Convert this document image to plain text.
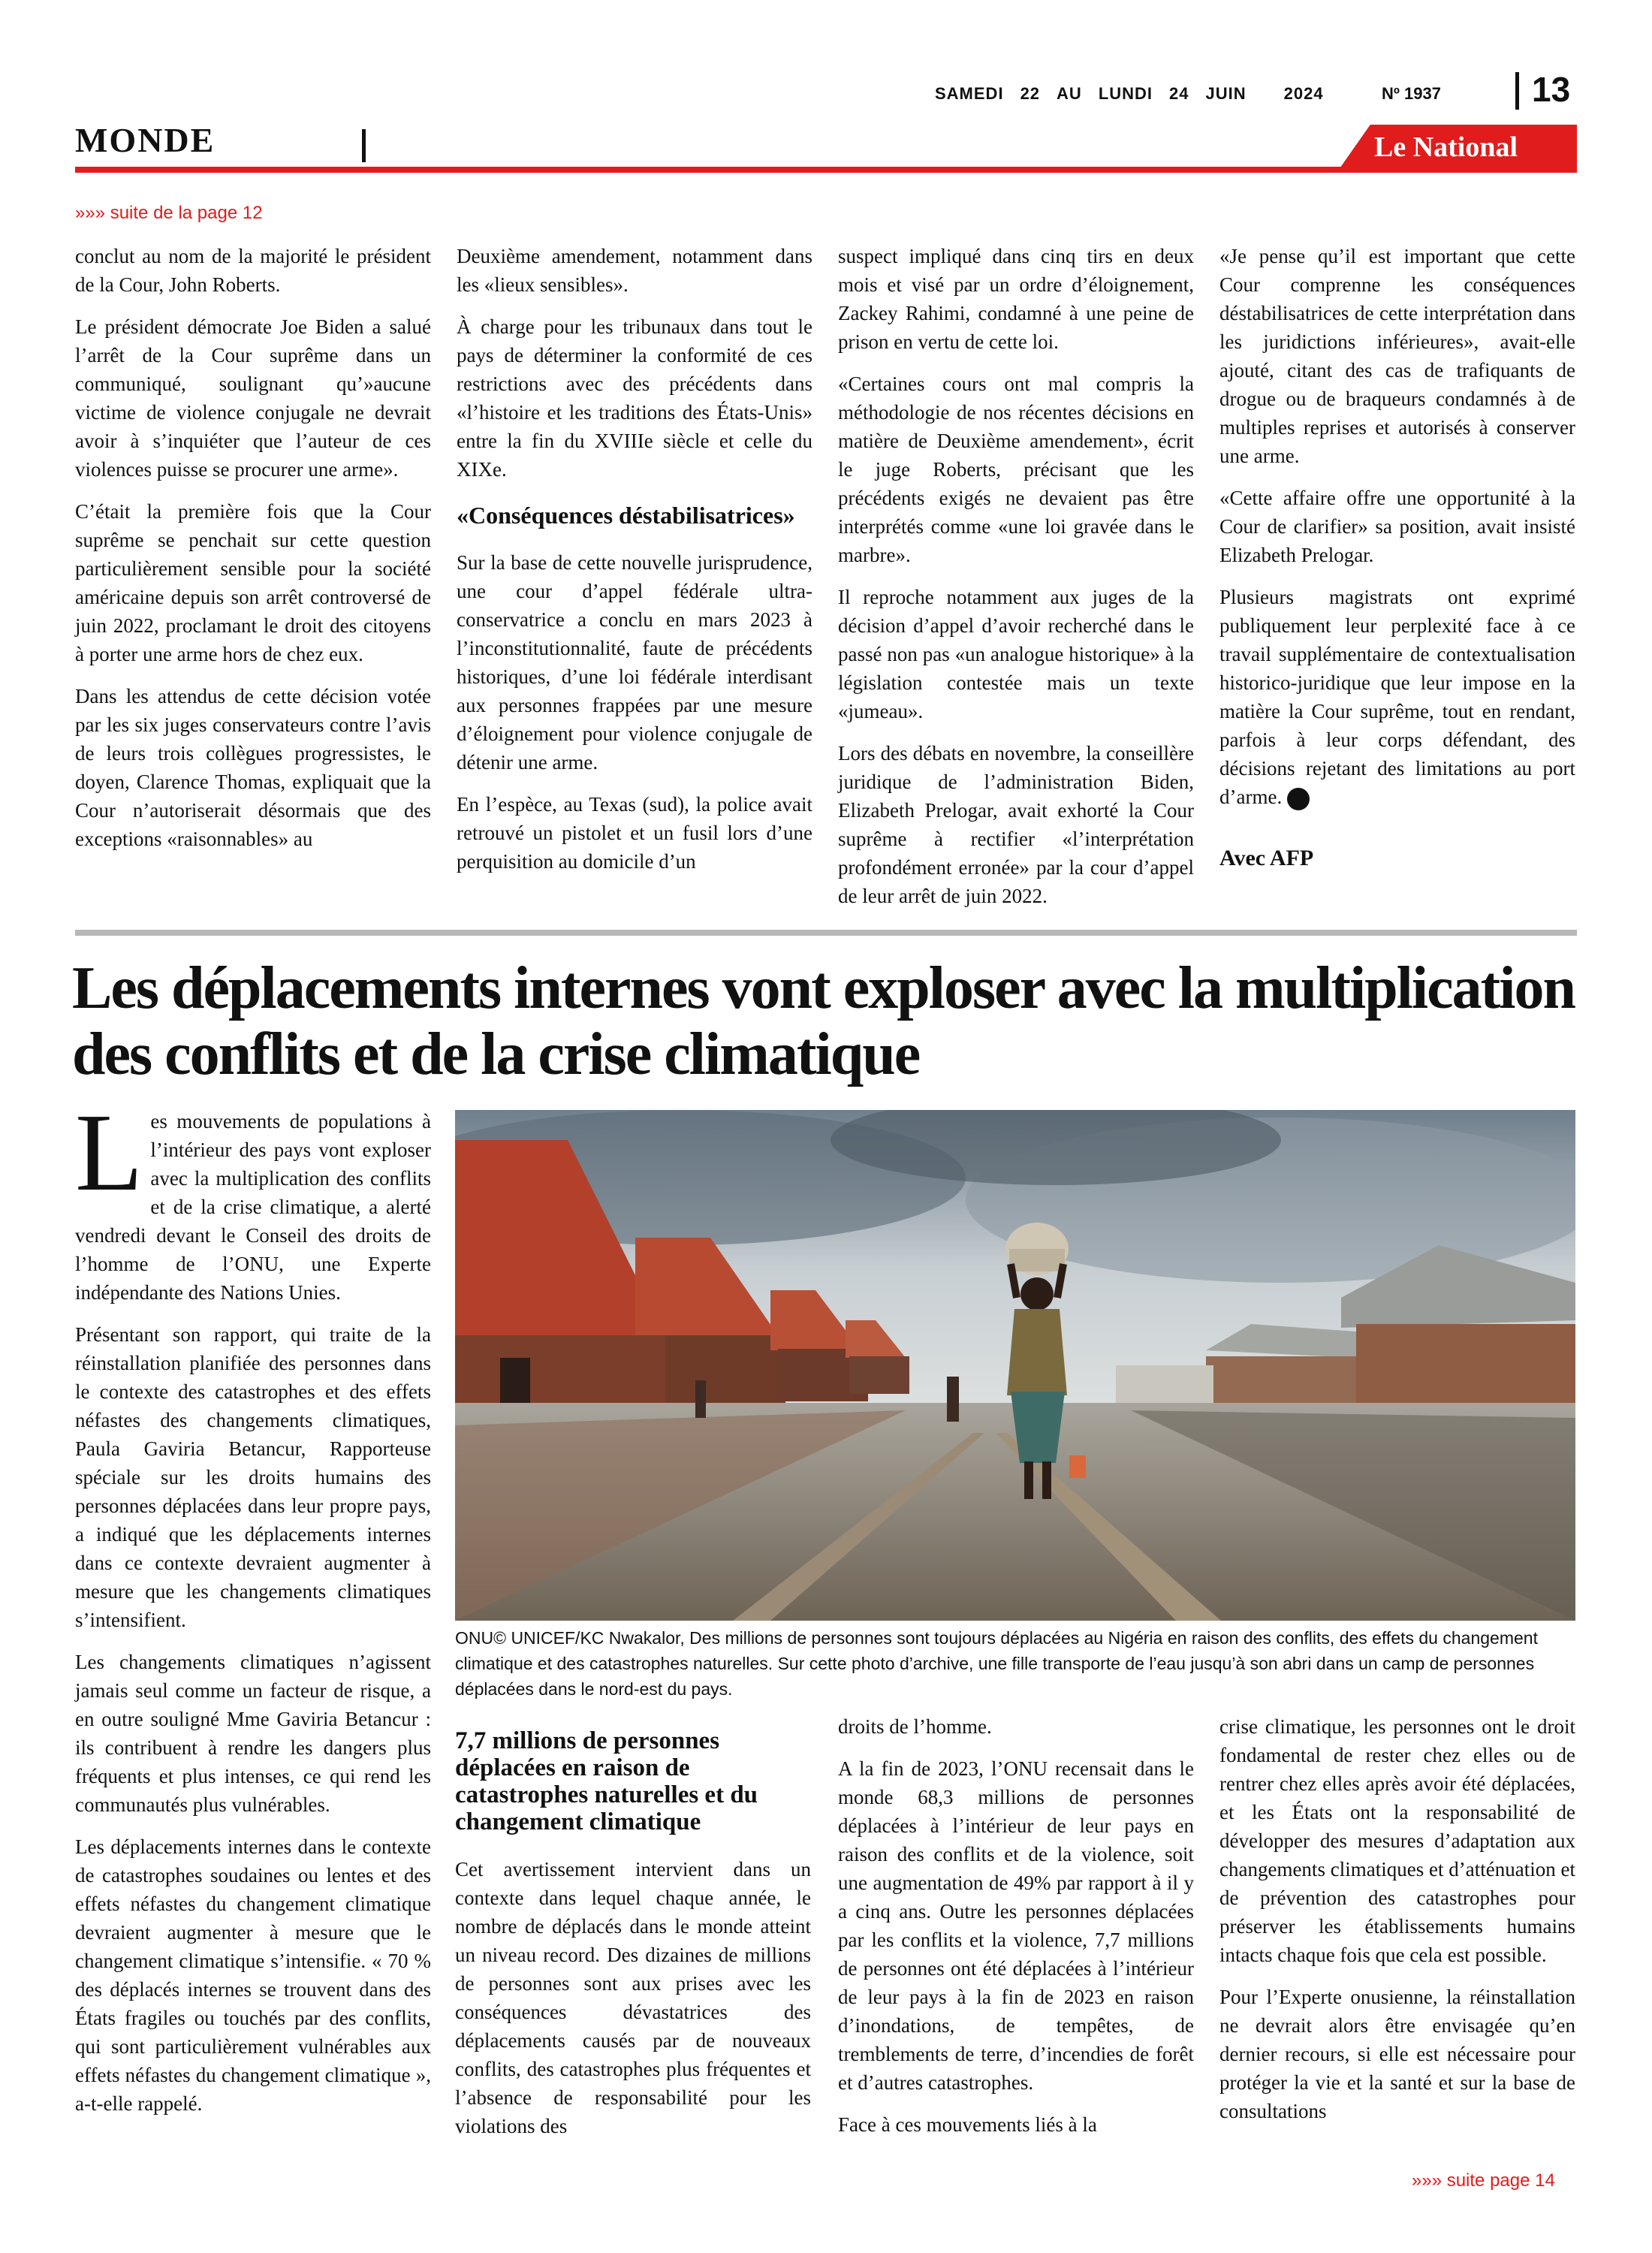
SAMEDI 22 AU LUNDI 24 JUIN 2024	Nº 1937	13
MONDE	Le National
»»» suite de la page 12

conclut au nom de la majorité le président de la Cour, John Roberts.

Le président démocrate Joe Biden a salué l’arrêt de la Cour suprême dans un communiqué, soulignant qu’»aucune victime de violence conjugale ne devrait avoir à s’inquiéter que l’auteur de ces violences puisse se procurer une arme».

C’était la première fois que la Cour suprême se penchait sur cette question particulièrement sensible pour la société américaine depuis son arrêt controversé de juin 2022, proclamant le droit des citoyens à porter une arme hors de chez eux.

Dans les attendus de cette décision votée par les six juges conservateurs contre l’avis de leurs trois collègues progressistes, le doyen, Clarence Thomas, expliquait que la Cour n’autoriserait désormais que des exceptions «raisonnables» au

Deuxième amendement, notamment dans les «lieux sensibles».

À charge pour les tribunaux dans tout le pays de déterminer la conformité de ces restrictions avec des précédents dans «l’histoire et les traditions des États-Unis» entre la fin du XVIIIe siècle et celle du XIXe.

«Conséquences déstabilisatrices»

Sur la base de cette nouvelle jurisprudence, une cour d’appel fédérale ultra-conservatrice a conclu en mars 2023 à l’inconstitutionnalité, faute de précédents historiques, d’une loi fédérale interdisant aux personnes frappées par une mesure d’éloignement pour violence conjugale de détenir une arme.

En l’espèce, au Texas (sud), la police avait retrouvé un pistolet et un fusil lors d’une perquisition au domicile d’un

suspect impliqué dans cinq tirs en deux mois et visé par un ordre d’éloignement, Zackey Rahimi, condamné à une peine de prison en vertu de cette loi.

«Certaines cours ont mal compris la méthodologie de nos récentes décisions en matière de Deuxième amendement», écrit le juge Roberts, précisant que les précédents exigés ne devaient pas être interprétés comme «une loi gravée dans le marbre».

Il reproche notamment aux juges de la décision d’appel d’avoir recherché dans le passé non pas «un analogue historique» à la législation contestée mais un texte «jumeau».

Lors des débats en novembre, la conseillère juridique de l’administration Biden, Elizabeth Prelogar, avait exhorté la Cour suprême à rectifier «l’interprétation profondément erronée» par la cour d’appel de leur arrêt de juin 2022.

«Je pense qu’il est important que cette Cour comprenne les conséquences déstabilisatrices de cette interprétation dans les juridictions inférieures», avait-elle ajouté, citant des cas de trafiquants de drogue ou de braqueurs condamnés à de multiples reprises et autorisés à conserver une arme.

«Cette affaire offre une opportunité à la Cour de clarifier» sa position, avait insisté Elizabeth Prelogar.

Plusieurs magistrats ont exprimé publiquement leur perplexité face à ce travail supplémentaire de contextualisation historico-juridique que leur impose en la matière la Cour suprême, tout en rendant, parfois à leur corps défendant, des décisions rejetant des limitations au port d’arme.

Avec AFP
Les déplacements internes vont exploser avec la multiplication des conflits et de la crise climatique

Les mouvements de populations à l’intérieur des pays vont exploser avec la multiplication des conflits et de la crise climatique, a alerté vendredi devant le Conseil des droits de l’homme de l’ONU, une Experte indépendante des Nations Unies.

Présentant son rapport, qui traite de la réinstallation planifiée des personnes dans le contexte des catastrophes et des effets néfastes des changements climatiques, Paula Gaviria Betancur, Rapporteuse spéciale sur les droits humains des personnes déplacées dans leur propre pays, a indiqué que les déplacements internes dans ce contexte devraient augmenter à mesure que les changements climatiques s’intensifient.

Les changements climatiques n’agissent jamais seul comme un facteur de risque, a en outre souligné Mme Gaviria Betancur : ils contribuent à rendre les dangers plus fréquents et plus intenses, ce qui rend les communautés plus vulnérables.

Les déplacements internes dans le contexte de catastrophes soudaines ou lentes et des effets néfastes du changement climatique devraient augmenter à mesure que le changement climatique s’intensifie. « 70 % des déplacés internes se trouvent dans des États fragiles ou touchés par des conflits, qui sont particulièrement vulnérables aux effets néfastes du changement climatique », a-t-elle rappelé.

ONU© UNICEF/KC Nwakalor, Des millions de personnes sont toujours déplacées au Nigéria en raison des conflits, des effets du changement climatique et des catastrophes naturelles. Sur cette photo d’archive, une fille transporte de l’eau jusqu’à son abri dans un camp de personnes déplacées dans le nord-est du pays.
7,7 millions de personnes déplacées en raison de catastrophes naturelles et du changement climatique

Cet avertissement intervient dans un contexte dans lequel chaque année, le nombre de déplacés dans le monde atteint un niveau record. Des dizaines de millions de personnes sont aux prises avec les conséquences dévastatrices des déplacements causés par de nouveaux conflits, des catastrophes plus fréquentes et l’absence de responsabilité pour les violations des

droits de l’homme.

A la fin de 2023, l’ONU recensait dans le monde 68,3 millions de personnes déplacées à l’intérieur de leur pays en raison des conflits et de la violence, soit une augmentation de 49% par rapport à il y a cinq ans. Outre les personnes déplacées par les conflits et la violence, 7,7 millions de personnes ont été déplacées à l’intérieur de leur pays à la fin de 2023 en raison d’inondations, de tempêtes, de tremblements de terre, d’incendies de forêt et d’autres catastrophes.

Face à ces mouvements liés à la

crise climatique, les personnes ont le droit fondamental de rester chez elles ou de rentrer chez elles après avoir été déplacées, et les États ont la responsabilité de développer des mesures d’adaptation aux changements climatiques et d’atténuation et de prévention des catastrophes pour préserver les établissements humains intacts chaque fois que cela est possible.

Pour l’Experte onusienne, la réinstallation ne devrait alors être envisagée qu’en dernier recours, si elle est nécessaire pour protéger la vie et la santé et sur la base de consultations

»»» suite page 14
